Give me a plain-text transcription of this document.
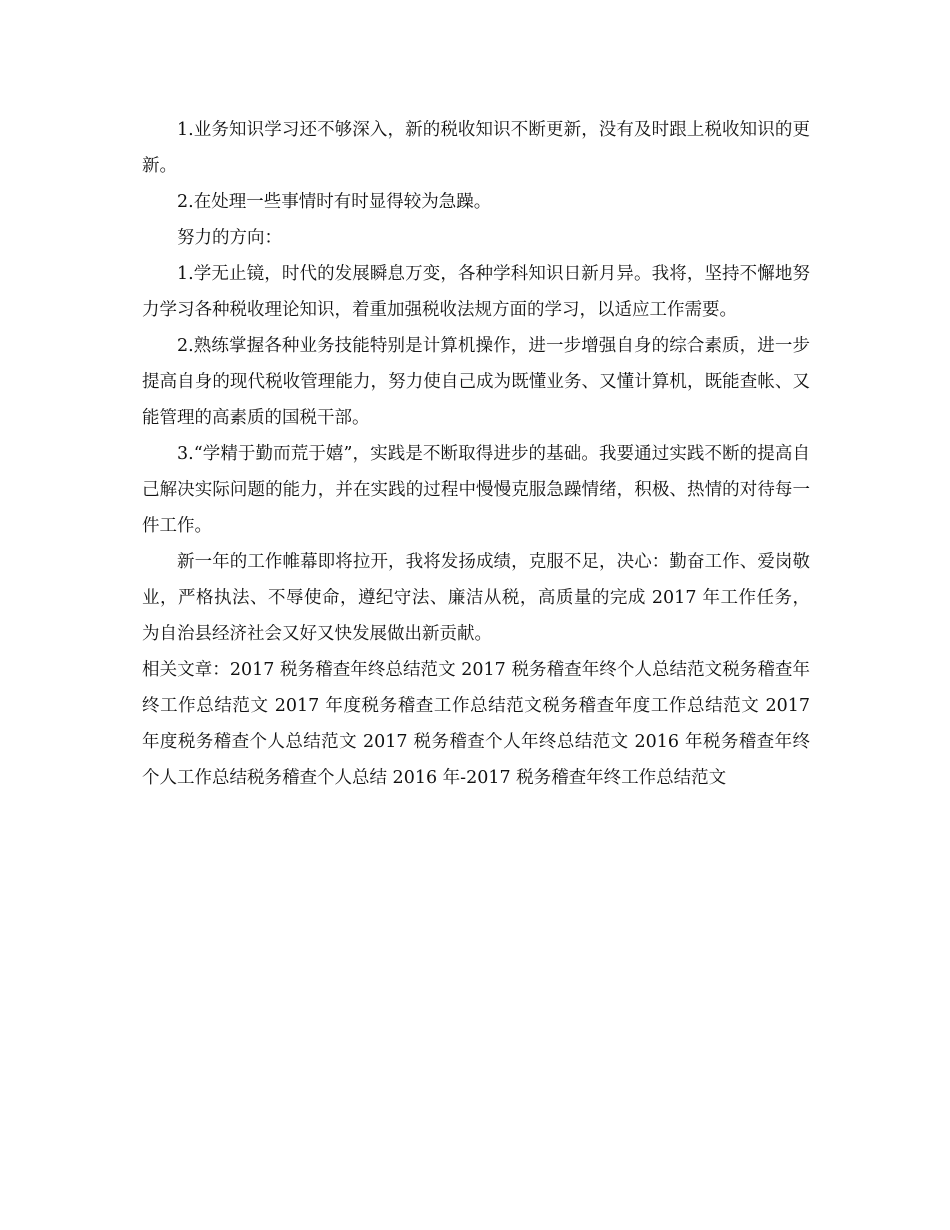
1.业务知识学习还不够深入，新的税收知识不断更新，没有及时跟上税收知识的更新。

2.在处理一些事情时有时显得较为急躁。

努力的方向：

1.学无止镜，时代的发展瞬息万变，各种学科知识日新月异。我将，坚持不懈地努力学习各种税收理论知识，着重加强税收法规方面的学习，以适应工作需要。

2.熟练掌握各种业务技能特别是计算机操作，进一步增强自身的综合素质，进一步提高自身的现代税收管理能力，努力使自己成为既懂业务、又懂计算机，既能查帐、又能管理的高素质的国税干部。

3.“学精于勤而荒于嬉”，实践是不断取得进步的基础。我要通过实践不断的提高自己解决实际问题的能力，并在实践的过程中慢慢克服急躁情绪，积极、热情的对待每一件工作。

新一年的工作帷幕即将拉开，我将发扬成绩，克服不足，决心：勤奋工作、爱岗敬业，严格执法、不辱使命，遵纪守法、廉洁从税，高质量的完成 2017 年工作任务，为自治县经济社会又好又快发展做出新贡献。

相关文章：2017 税务稽查年终总结范文 2017 税务稽查年终个人总结范文税务稽查年终工作总结范文 2017 年度税务稽查工作总结范文税务稽查年度工作总结范文 2017 年度税务稽查个人总结范文 2017 税务稽查个人年终总结范文 2016 年税务稽查年终个人工作总结税务稽查个人总结 2016 年-2017 税务稽查年终工作总结范文
